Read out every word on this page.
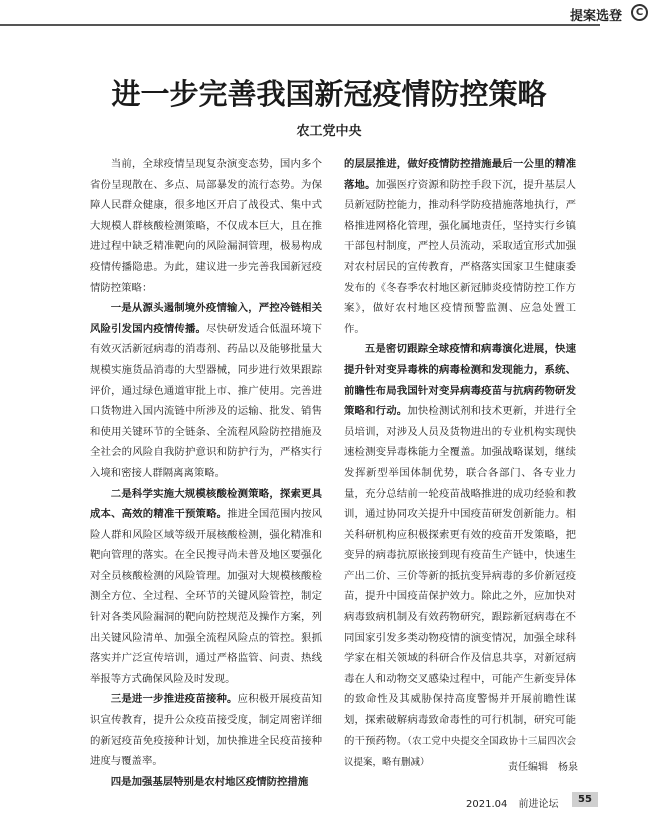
提案选登	C
进一步完善我国新冠疫情防控策略
农工党中央

当前，全球疫情呈现复杂演变态势，国内多个省份呈现散在、多点、局部暴发的流行态势。为保障人民群众健康，很多地区开启了战役式、集中式大规模人群核酸检测策略，不仅成本巨大，且在推进过程中缺乏精准靶向的风险漏洞管理，极易构成疫情传播隐患。为此，建议进一步完善我国新冠疫情防控策略：

一是从源头遏制境外疫情输入，严控冷链相关风险引发国内疫情传播。尽快研发适合低温环境下有效灭活新冠病毒的消毒剂、药品以及能够批量大规模实施货品消毒的大型器械，同步进行效果跟踪评价，通过绿色通道审批上市、推广使用。完善进口货物进入国内流链中所涉及的运输、批发、销售和使用关键环节的全链条、全流程风险防控措施及全社会的风险自我防护意识和防护行为，严格实行入境和密接人群隔离离策略。

二是科学实施大规模核酸检测策略，探索更具成本、高效的精准干预策略。推进全国范围内按风险人群和风险区域等级开展核酸检测，强化精准和靶向管理的落实。在全民搜寻尚未普及地区要强化对全员核酸检测的风险管理。加强对大规模核酸检测全方位、全过程、全环节的关键风险管控，制定针对各类风险漏洞的靶向防控规范及操作方案，列出关键风险清单、加强全流程风险点的管控。狠抓落实并广泛宣传培训，通过严格监管、问责、热线举报等方式确保风险及时发现。

三是进一步推进疫苗接种。应积极开展疫苗知识宣传教育，提升公众疫苗接受度，制定周密详细的新冠疫苗免疫接种计划，加快推进全民疫苗接种进度与覆盖率。

四是加强基层特别是农村地区疫情防控措施

的层层推进，做好疫情防控措施最后一公里的精准落地。加强医疗资源和防控手段下沉，提升基层人员新冠防控能力，推动科学防疫措施落地执行，严格推进网格化管理，强化属地责任，坚持实行乡镇干部包村制度，严控人员流动，采取适宜形式加强对农村居民的宣传教育，严格落实国家卫生健康委发布的《冬春季农村地区新冠肺炎疫情防控工作方案》，做好农村地区疫情预警监测、应急处置工作。

五是密切跟踪全球疫情和病毒演化进展，快速提升针对变异毒株的病毒检测和发现能力，系统、前瞻性布局我国针对变异病毒疫苗与抗病药物研发策略和行动。加快检测试剂和技术更新，并进行全员培训，对涉及人员及货物进出的专业机构实现快速检测变异毒株能力全覆盖。加强战略谋划，继续发挥新型举国体制优势，联合各部门、各专业力量，充分总结前一轮疫苗战略推进的成功经验和教训，通过协同攻关提升中国疫苗研发创新能力。相关科研机构应积极探索更有效的疫苗开发策略，把变异的病毒抗原嵌接到现有疫苗生产链中，快速生产出二价、三价等新的抵抗变异病毒的多价新冠疫苗，提升中国疫苗保护效力。除此之外，应加快对病毒致病机制及有效药物研究，跟踪新冠病毒在不同国家引发多类动物疫情的演变情况，加强全球科学家在相关领域的科研合作及信息共享，对新冠病毒在人和动物交叉感染过程中，可能产生新变异体的致命性及其威胁保持高度警惕并开展前瞻性谋划，探索破解病毒致命毒性的可行机制，研究可能的干预药物。（农工党中央提交全国政协十三届四次会议提案，略有删减）	责任编辑　杨泉
2021.04 前进论坛	55
